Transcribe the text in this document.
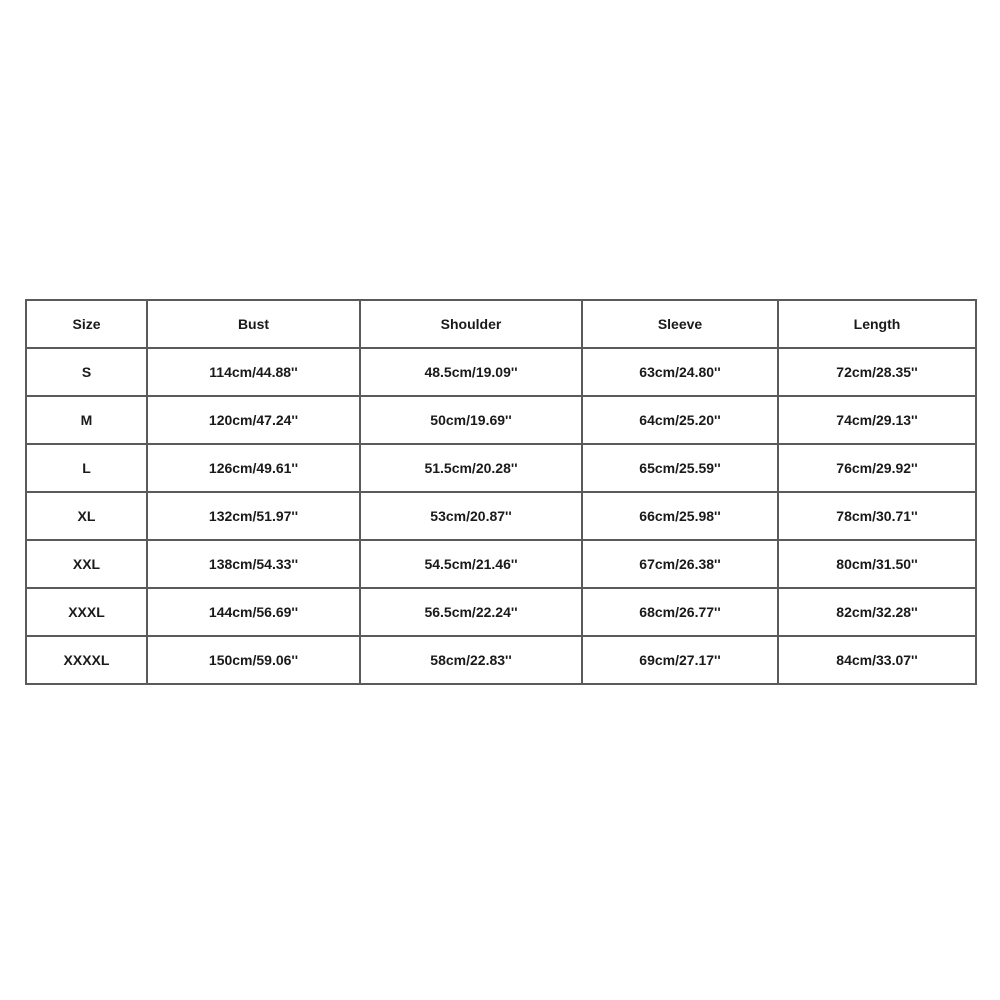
Size	Bust	Shoulder	Sleeve	Length
S	114cm/44.88''	48.5cm/19.09''	63cm/24.80''	72cm/28.35''
M	120cm/47.24''	50cm/19.69''	64cm/25.20''	74cm/29.13''
L	126cm/49.61''	51.5cm/20.28''	65cm/25.59''	76cm/29.92''
XL	132cm/51.97''	53cm/20.87''	66cm/25.98''	78cm/30.71''
XXL	138cm/54.33''	54.5cm/21.46''	67cm/26.38''	80cm/31.50''
XXXL	144cm/56.69''	56.5cm/22.24''	68cm/26.77''	82cm/32.28''
XXXXL	150cm/59.06''	58cm/22.83''	69cm/27.17''	84cm/33.07''
